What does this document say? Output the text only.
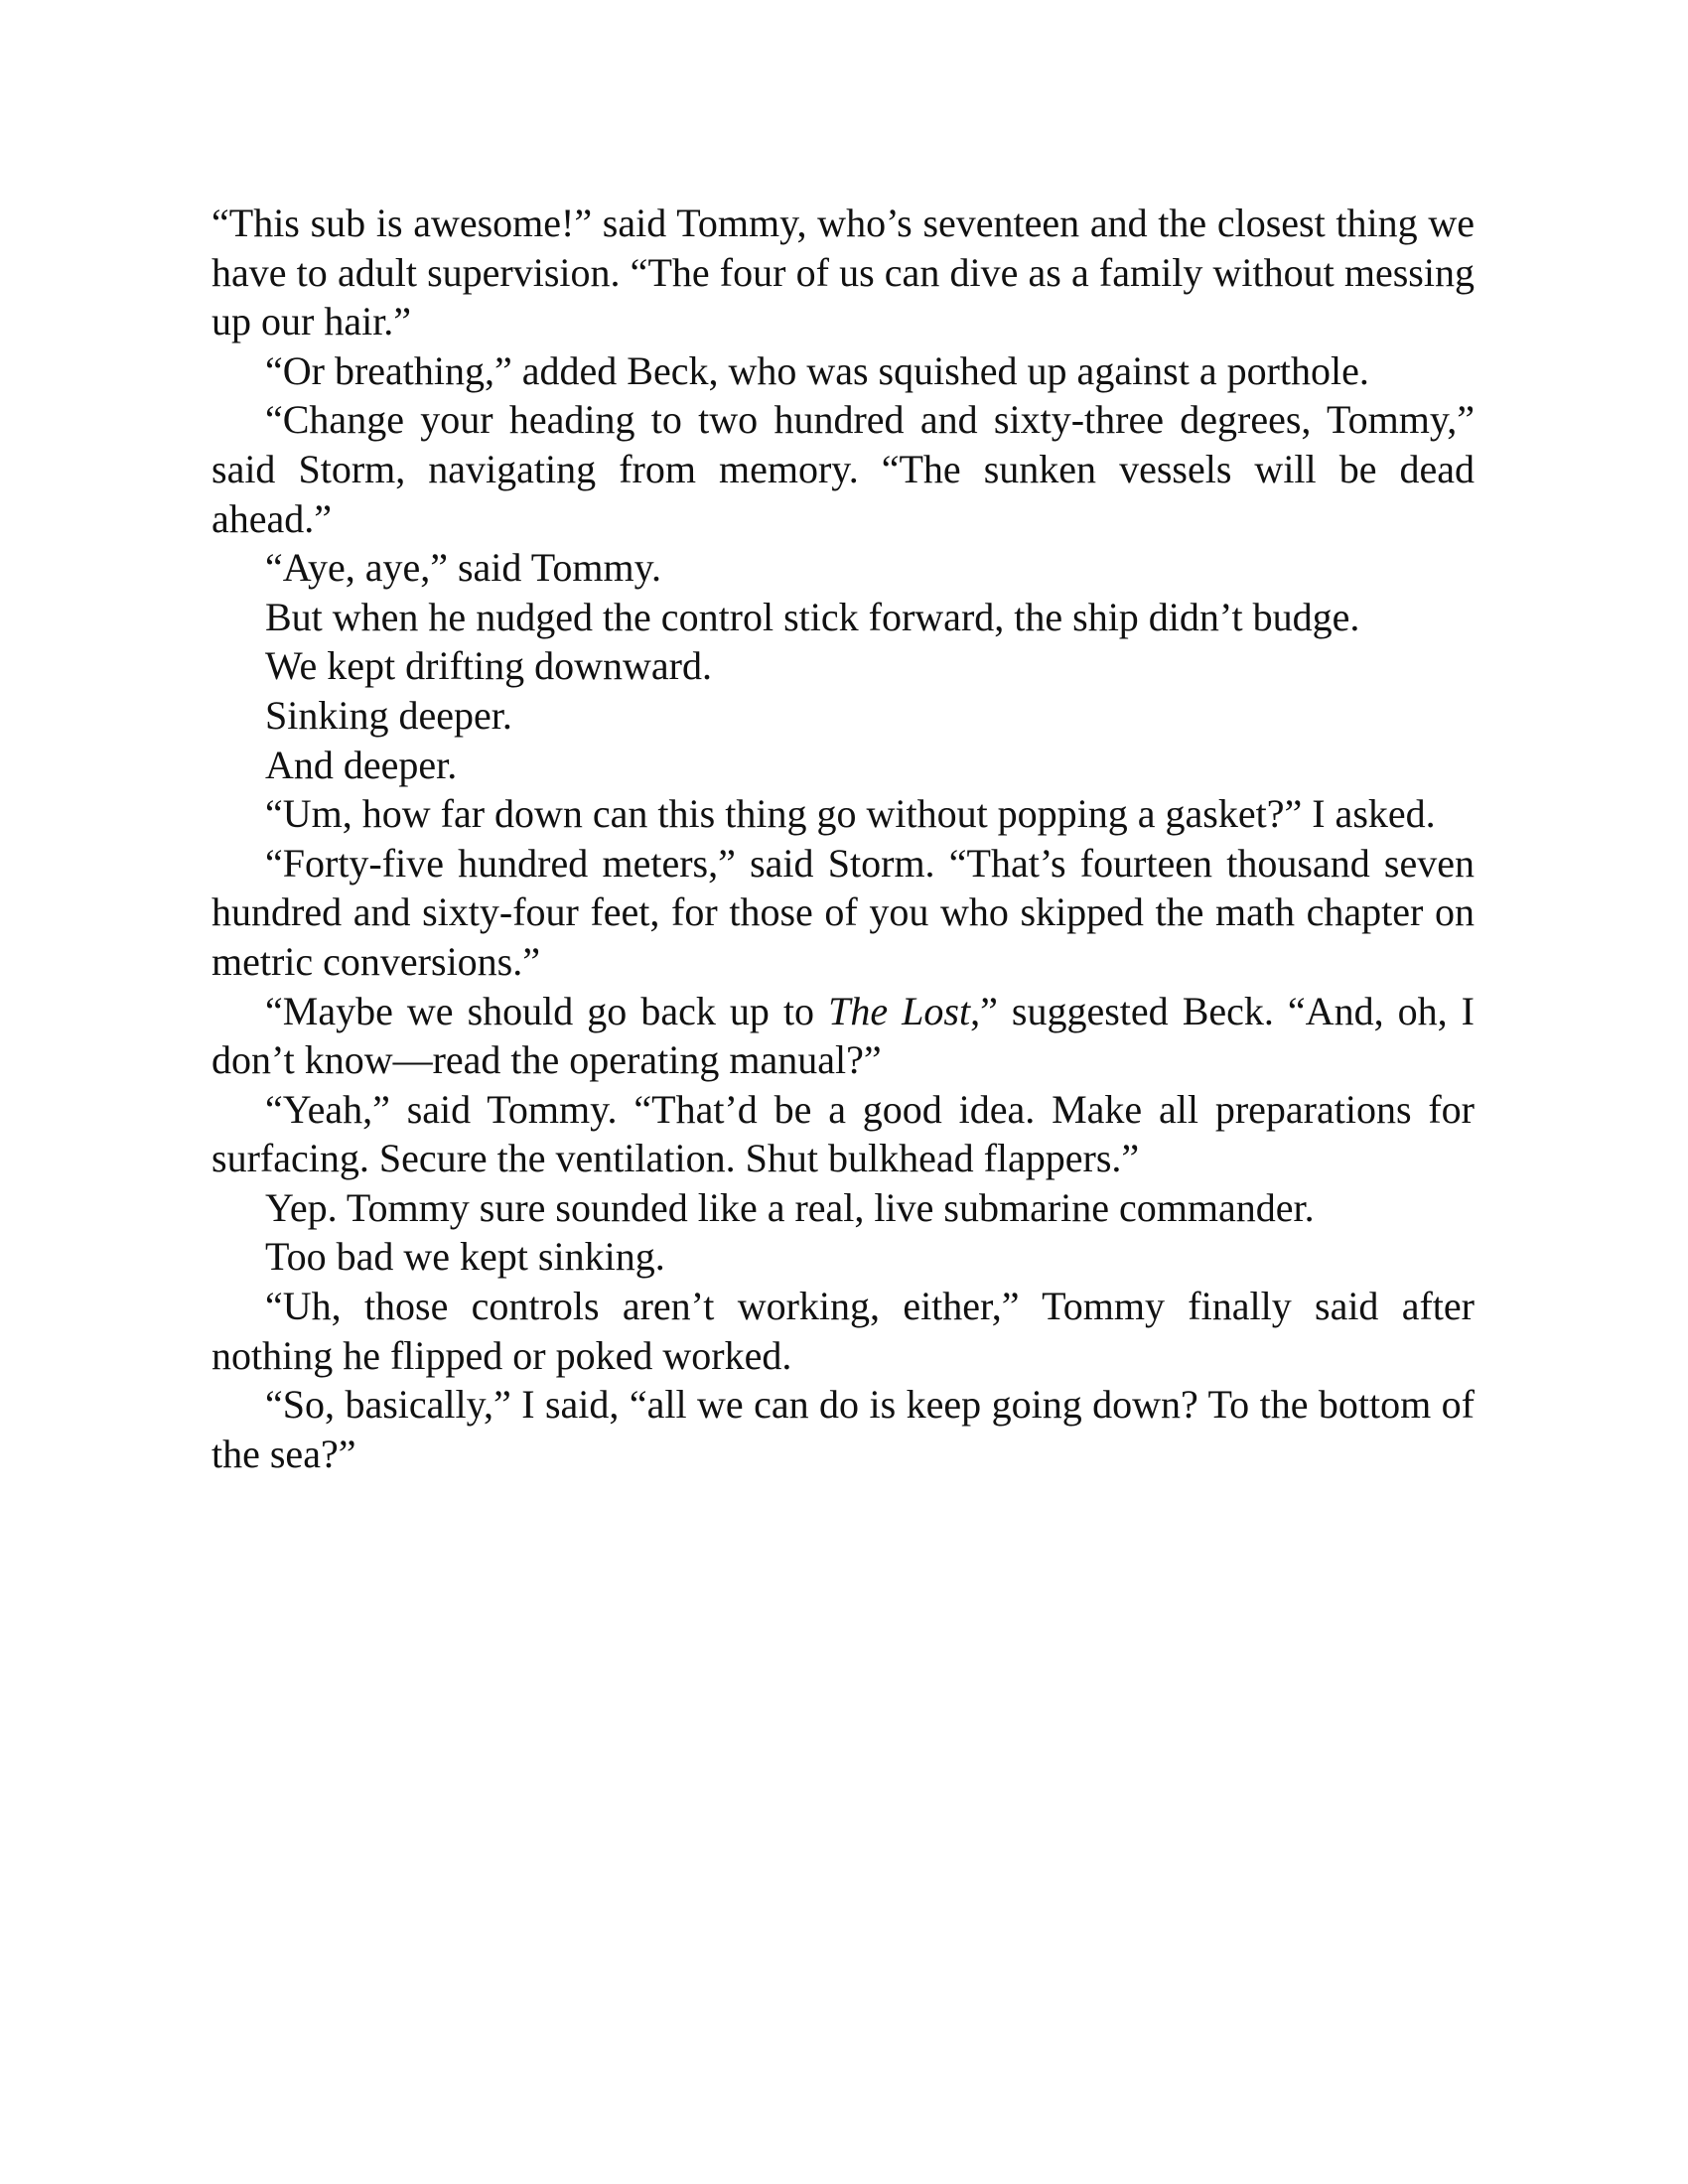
“This sub is awesome!” said Tommy, who’s seventeen and the closest thing we have to adult supervision. “The four of us can dive as a family without messing up our hair.”

“Or breathing,” added Beck, who was squished up against a porthole.

“Change your heading to two hundred and sixty-three degrees, Tommy,” said Storm, navigating from memory. “The sunken vessels will be dead ahead.”

“Aye, aye,” said Tommy.

But when he nudged the control stick forward, the ship didn’t budge.

We kept drifting downward.

Sinking deeper.

And deeper.

“Um, how far down can this thing go without popping a gasket?” I asked.

“Forty-five hundred meters,” said Storm. “That’s fourteen thousand seven hundred and sixty-four feet, for those of you who skipped the math chapter on metric conversions.”

“Maybe we should go back up to The Lost,” suggested Beck. “And, oh, I don’t know—read the operating manual?”

“Yeah,” said Tommy. “That’d be a good idea. Make all preparations for surfacing. Secure the ventilation. Shut bulkhead flappers.”

Yep. Tommy sure sounded like a real, live submarine commander.

Too bad we kept sinking.

“Uh, those controls aren’t working, either,” Tommy finally said after nothing he flipped or poked worked.

“So, basically,” I said, “all we can do is keep going down? To the bottom of the sea?”
